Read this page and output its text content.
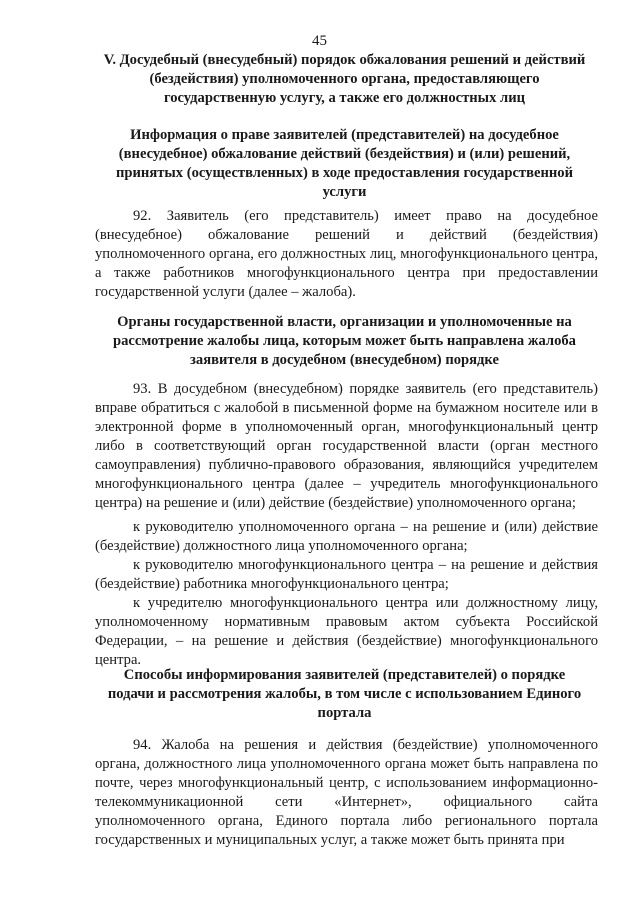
45
V. Досудебный (внесудебный) порядок обжалования решений и действий
(бездействия) уполномоченного органа, предоставляющего
государственную услугу, а также его должностных лиц
Информация о праве заявителей (представителей) на досудебное
(внесудебное) обжалование действий (бездействия) и (или) решений,
принятых (осуществленных) в ходе предоставления государственной
услуги
92. Заявитель (его представитель) имеет право на досудебное (внесудебное) обжалование решений и действий (бездействия) уполномоченного органа, его должностных лиц, многофункционального центра, а также работников многофункционального центра при предоставлении государственной услуги (далее – жалоба).
Органы государственной власти, организации и уполномоченные на
рассмотрение жалобы лица, которым может быть направлена жалоба
заявителя в досудебном (внесудебном) порядке
93. В досудебном (внесудебном) порядке заявитель (его представитель) вправе обратиться с жалобой в письменной форме на бумажном носителе или в электронной форме в уполномоченный орган, многофункциональный центр либо в соответствующий орган государственной власти (орган местного самоуправления) публично-правового образования, являющийся учредителем многофункционального центра (далее – учредитель многофункционального центра) на решение и (или) действие (бездействие) уполномоченного органа;
к руководителю уполномоченного органа – на решение и (или) действие (бездействие) должностного лица уполномоченного органа;
к руководителю многофункционального центра – на решение и действия (бездействие) работника многофункционального центра;
к учредителю многофункционального центра или должностному лицу, уполномоченному нормативным правовым актом субъекта Российской Федерации, – на решение и действия (бездействие) многофункционального центра.
Способы информирования заявителей (представителей) о порядке
подачи и рассмотрения жалобы, в том числе с использованием Единого
портала
94. Жалоба на решения и действия (бездействие) уполномоченного органа, должностного лица уполномоченного органа может быть направлена по почте, через многофункциональный центр, с использованием информационно-телекоммуникационной сети «Интернет», официального сайта уполномоченного органа, Единого портала либо регионального портала государственных и муниципальных услуг, а также может быть принята при
